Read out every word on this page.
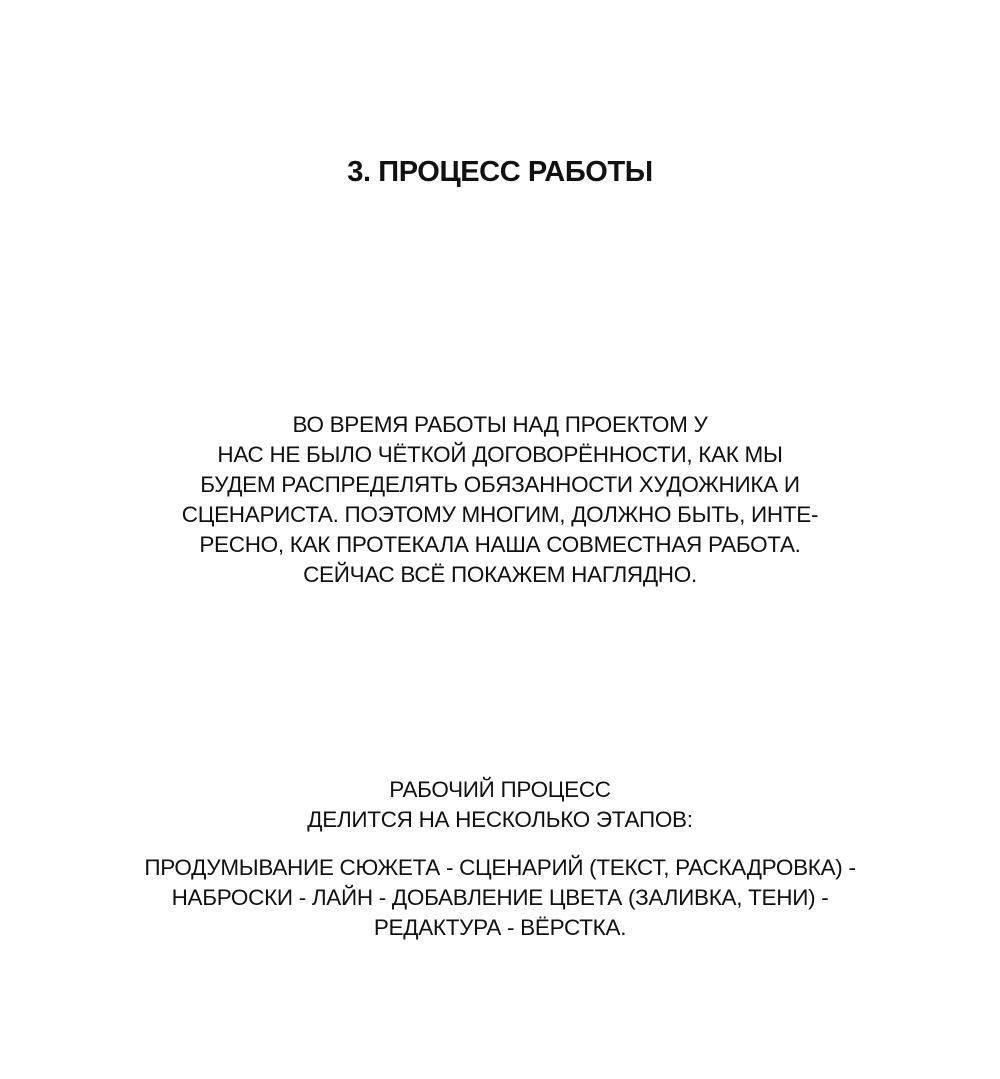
3. ПРОЦЕСС РАБОТЫ

ВО ВРЕМЯ РАБОТЫ НАД ПРОЕКТОМ У
НАС НЕ БЫЛО ЧЁТКОЙ ДОГОВОРЁННОСТИ, КАК МЫ
БУДЕМ РАСПРЕДЕЛЯТЬ ОБЯЗАННОСТИ ХУДОЖНИКА И
СЦЕНАРИСТА. ПОЭТОМУ МНОГИМ, ДОЛЖНО БЫТЬ, ИНТЕ-
РЕСНО, КАК ПРОТЕКАЛА НАША СОВМЕСТНАЯ РАБОТА.
СЕЙЧАС ВСЁ ПОКАЖЕМ НАГЛЯДНО.

РАБОЧИЙ ПРОЦЕСС
ДЕЛИТСЯ НА НЕСКОЛЬКО ЭТАПОВ:

ПРОДУМЫВАНИЕ СЮЖЕТА - СЦЕНАРИЙ (ТЕКСТ, РАСКАДРОВКА) -
НАБРОСКИ - ЛАЙН - ДОБАВЛЕНИЕ ЦВЕТА (ЗАЛИВКА, ТЕНИ) -
РЕДАКТУРА - ВЁРСТКА.
